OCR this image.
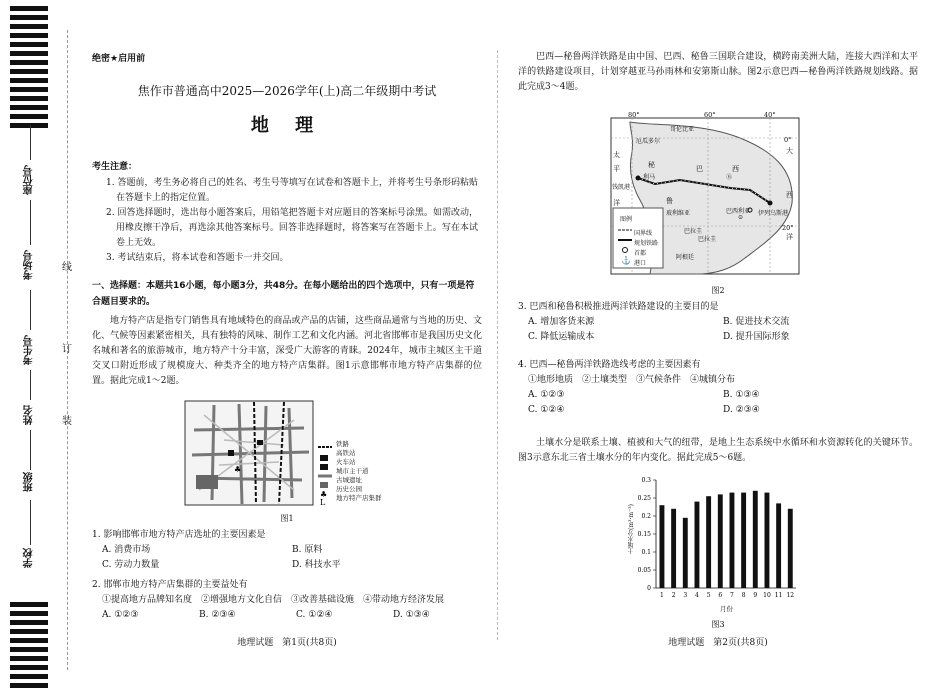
座位号
考场号
考生号
姓名
班级
学校
线
订
装
绝密★启用前
焦作市普通高中2025—2026学年(上)高二年级期中考试
地 理
考生注意：

1. 答题前，考生务必将自己的姓名、考生号等填写在试卷和答题卡上，并将考生号条形码粘贴在答题卡上的指定位置。

2. 回答选择题时，选出每小题答案后，用铅笔把答题卡对应题目的答案标号涂黑。如需改动，用橡皮擦干净后，再选涂其他答案标号。回答非选择题时，将答案写在答题卡上。写在本试卷上无效。

3. 考试结束后，将本试卷和答题卡一并交回。

一、选择题：本题共16小题，每小题3分，共48分。在每小题给出的四个选项中，只有一项是符合题目要求的。

地方特产店是指专门销售具有地域特色的商品或产品的店铺，这些商品通常与当地的历史、文化、气候等因素紧密相关，具有独特的风味、制作工艺和文化内涵。河北省邯郸市是我国历史文化名城和著名的旅游城市，地方特产十分丰富，深受广大游客的青睐。2024年，城市主城区主干道交叉口附近形成了规模庞大、种类齐全的地方特产店集群。图1示意邯郸市地方特产店集群的位置。据此完成1～2题。

♣
♣
L
铁路
高铁站
火车站
城市主干道
古城遗址
历史公园
地方特产店集群
图1

1. 影响邯郸市地方特产店选址的主要因素是

A. 消费市场	B. 原料
C. 劳动力数量	D. 科技水平

2. 邯郸市地方特产店集群的主要益处有

①提高地方品牌知名度　②增强地方文化自信　③改善基础设施　④带动地方经济发展

A. ①②③	B. ②③④	C. ①②④	D. ①③④
地理试题　第1页(共8页)

巴西—秘鲁两洋铁路是由中国、巴西、秘鲁三国联合建设，横跨南美洲大陆，连接大西洋和太平洋的铁路建设项目，计划穿越亚马孙雨林和安第斯山脉。图2示意巴西—秘鲁两洋铁路规划线路。据此完成3～4题。

⚓
80°	60°	40°
0°
20°
哥伦比亚
厄瓜多尔
秘
鲁
钱凯港
巴	西
大
西
洋
玻利维亚	巴西利亚 伊列乌斯港
太
平
洋
巴拉圭
阿根廷
巴拉圭
利马	Ⓑ
⊙
图例
国界线
规划铁路
首都
港口
图2

3. 巴西和秘鲁积极推进两洋铁路建设的主要目的是

A. 增加客货来源	B. 促进技术交流
C. 降低运输成本	D. 提升国际形象

4. 巴西—秘鲁两洋铁路选线考虑的主要因素有

①地形地质　②土壤类型　③气候条件　④城镇分布

A. ①②③	B. ①③④
C. ①②④	D. ②③④

土壤水分是联系土壤、植被和大气的纽带，是地上生态系统中水循环和水资源转化的关键环节。图3示意东北三省土壤水分的年内变化。据此完成5～6题。

0
0.05
0.1
0.15
0.2
0.25
0.3
1 2 3 4 5 6 7 8 9 10 11 12
土壤水分(m³·m⁻³)
月份
图3
地理试题　第2页(共8页)
